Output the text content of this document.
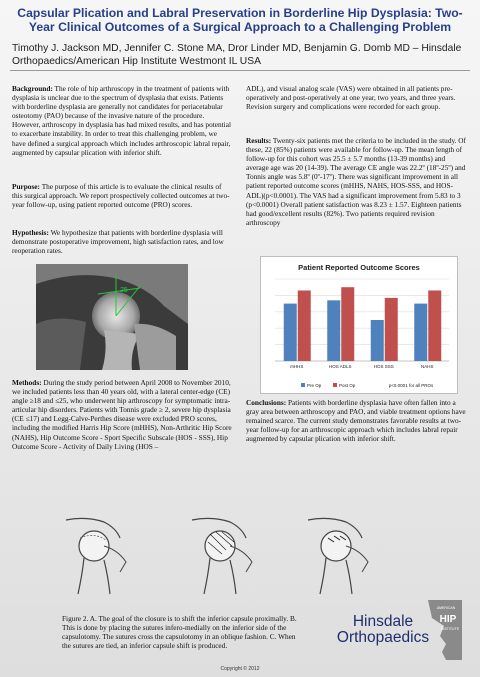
Capsular Plication and Labral Preservation in Borderline Hip Dysplasia: Two-Year Clinical Outcomes of a Surgical Approach to a Challenging Problem
Timothy J. Jackson MD, Jennifer C. Stone MA, Dror Linder MD, Benjamin G. Domb MD – Hinsdale Orthopaedics/American Hip Institute Westmont IL USA
Background: The role of hip arthroscopy in the treatment of patients with dysplasia is unclear due to the spectrum of dysplasia that exists. Patients with borderline dysplasia are generally not candidates for periacetabular osteotomy (PAO) because of the invasive nature of the procedure. However, arthroscopy in dysplasia has had mixed results, and has potential to exacerbate instability. In order to treat this challenging problem, we have defined a surgical approach which includes arthroscopic labral repair, augmented by capsular plication with inferior shift.
Purpose: The purpose of this article is to evaluate the clinical results of this surgical approach. We report prospectively collected outcomes at two-year follow-up, using patient reported outcome (PRO) scores.
Hypothesis: We hypothesize that patients with borderline dysplasia will demonstrate postoperative improvement, high satisfaction rates, and low reoperation rates.
25
Methods: During the study period between April 2008 to November 2010, we included patients less than 40 years old, with a lateral center-edge (CE) angle ≥18 and ≤25, who underwent hip arthroscopy for symptomatic intra-articular hip disorders. Patients with Tonnis grade ≥ 2, severe hip dysplasia (CE ≤17) and Legg-Calve-Perthes disease were excluded PRO scores, including the modified Harris Hip Score (mHHS), Non-Arthritic Hip Score (NAHS), Hip Outcome Score - Sport Specific Subscale (HOS - SSS), Hip Outcome Score - Activity of Daily Living (HOS –
ADL), and visual analog scale (VAS) were obtained in all patients pre-operatively and post-operatively at one year, two years, and three years. Revision surgery and complications were recorded for each group.
Results: Twenty-six patients met the criteria to be included in the study. Of these, 22 (85%) patients were available for follow-up. The mean length of follow-up for this cohort was 25.5 ± 5.7 months (13-39 months) and average age was 20 (14-39). The average CE angle was 22.2º (18º-25º) and Tonnis angle was 5.8º (0º-17º). There was significant improvement in all patient reported outcome scores (mHHS, NAHS, HOS-SSS, and HOS-ADL)(p<0.0001). The VAS had a significant improvement from 5.83 to 3 (p<0.0001) Overall patient satisfaction was 8.23 ± 1.57. Eighteen patients had good/excellent results (82%). Two patients required revision arthroscopy
Patient Reported Outcome Scores
mHHS	HOS ADLS	HOS SSS	NAHS
Pre Op	Post Op	p<0.0001 for all PROs
Conclusions: Patients with borderline dysplasia have often fallen into a gray area between arthroscopy and PAO, and viable treatment options have remained scarce. The current study demonstrates favorable results at two-year follow-up for an arthroscopic approach which includes labral repair augmented by capsular plication with inferior shift.
Figure 2. A. The goal of the closure is to shift the inferior capsule proximally. B. This is done by placing the sutures infero-medially on the inferior side of the capsulotomy. The sutures cross the capsulotomy in an oblique fashion. C. When the sutures are tied, an inferior capsule shift is produced.
AMERICAN
HIP
INSTITUTE
Hinsdale
Orthopaedics
Copyright © 2012
